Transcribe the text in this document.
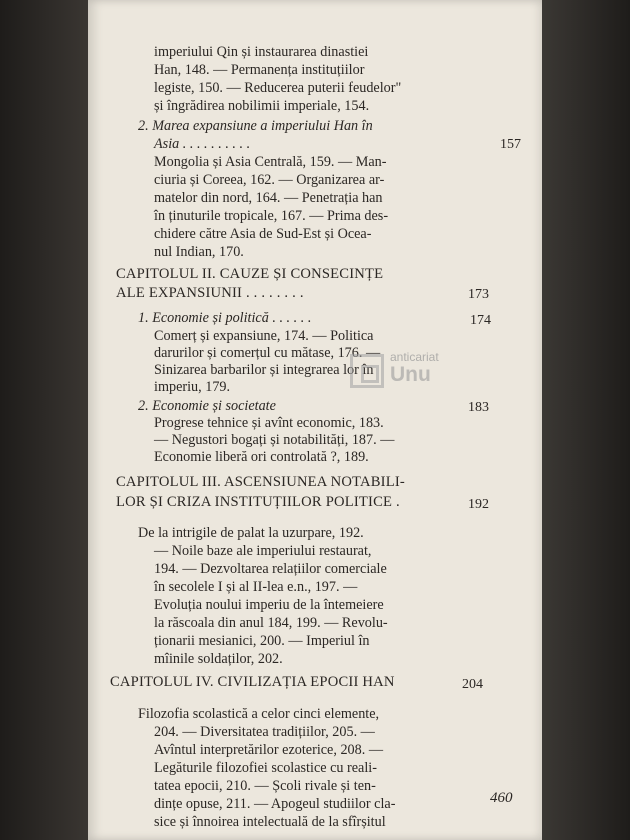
imperiului Qin și instaurarea dinastiei
Han, 148. — Permanența instituțiilor
legiste, 150. — Reducerea puterii feudelor"
și îngrădirea nobilimii imperiale, 154.
2. Marea expansiune a imperiului Han în
Asia . . . . . . . . . .	157
Mongolia și Asia Centrală, 159. — Man-
ciuria și Coreea, 162. — Organizarea ar-
matelor din nord, 164. — Penetrația han
în ținuturile tropicale, 167. — Prima des-
chidere către Asia de Sud-Est și Ocea-
nul Indian, 170.
CAPITOLUL II. CAUZE ȘI CONSECINȚE
ALE EXPANSIUNII . . . . . . . .	173
1. Economie și politică . . . . . .	174
Comerț și expansiune, 174. — Politica
darurilor și comerțul cu mătase, 176. —
Sinizarea barbarilor și integrarea lor în
imperiu, 179.
2. Economie și societate	183
Progrese tehnice și avînt economic, 183.
— Negustori bogați și notabilități, 187. —
Economie liberă ori controlată ?, 189.
CAPITOLUL III. ASCENSIUNEA NOTABILI-
LOR ȘI CRIZA INSTITUȚIILOR POLITICE .	192
De la intrigile de palat la uzurpare, 192.
— Noile baze ale imperiului restaurat,
194. — Dezvoltarea relațiilor comerciale
în secolele I și al II-lea e.n., 197. —
Evoluția noului imperiu de la întemeiere
la răscoala din anul 184, 199. — Revolu-
ționarii mesianici, 200. — Imperiul în
mîinile soldaților, 202.
CAPITOLUL IV. CIVILIZAȚIA EPOCII HAN	204
Filozofia scolastică a celor cinci elemente,
204. — Diversitatea tradițiilor, 205. —
Avîntul interpretărilor ezoterice, 208. —
Legăturile filozofiei scolastice cu reali-
tatea epocii, 210. — Școli rivale și ten-
dințe opuse, 211. — Apogeul studiilor cla-
sice și înnoirea intelectuală de la sfîrșitul
460
anticariat
Unu
